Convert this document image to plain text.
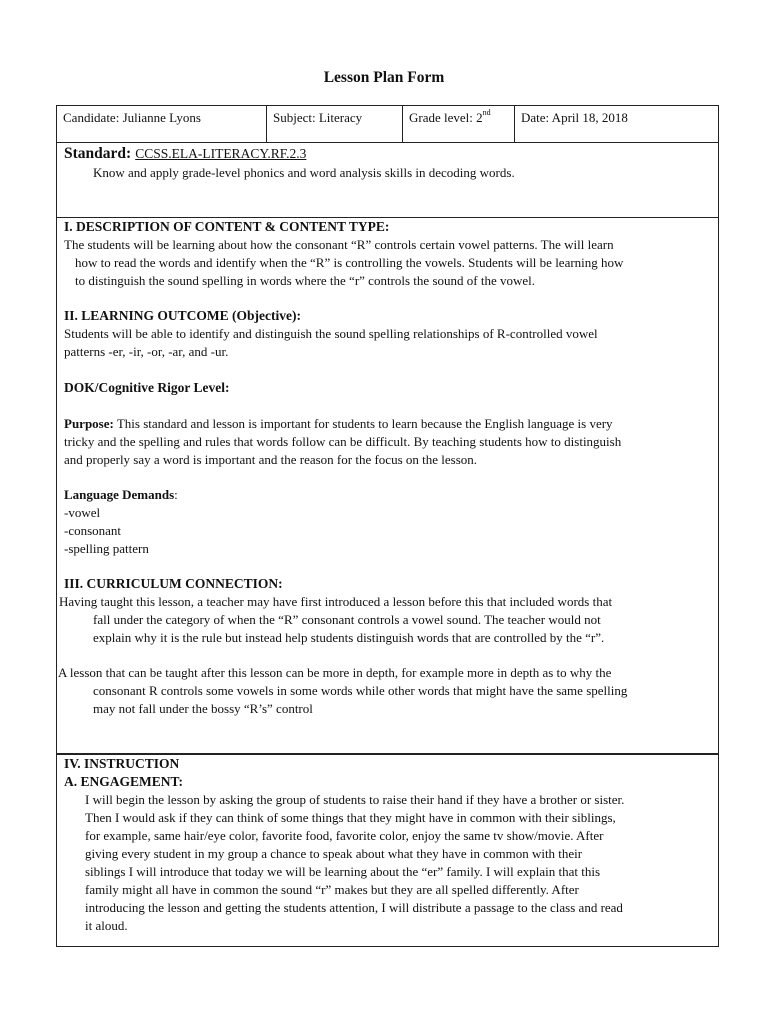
Lesson Plan Form
Candidate: Julianne Lyons	Subject: Literacy	Grade level: 2nd	Date: April 18, 2018
Standard: CCSS.ELA-LITERACY.RF.2.3
Know and apply grade-level phonics and word analysis skills in decoding words.
I. DESCRIPTION OF CONTENT & CONTENT TYPE:
The students will be learning about how the consonant “R” controls certain vowel patterns. The will learn
how to read the words and identify when the “R” is controlling the vowels. Students will be learning how
to distinguish the sound spelling in words where the “r” controls the sound of the vowel.
II. LEARNING OUTCOME (Objective):
Students will be able to identify and distinguish the sound spelling relationships of R-controlled vowel
patterns -er, -ir, -or, -ar, and -ur.
DOK/Cognitive Rigor Level:
Purpose: This standard and lesson is important for students to learn because the English language is very
tricky and the spelling and rules that words follow can be difficult. By teaching students how to distinguish
and properly say a word is important and the reason for the focus on the lesson.
Language Demands:
-vowel
-consonant
-spelling pattern
III. CURRICULUM CONNECTION:
Having taught this lesson, a teacher may have first introduced a lesson before this that included words that
fall under the category of when the “R” consonant controls a vowel sound. The teacher would not
explain why it is the rule but instead help students distinguish words that are controlled by the “r”.
A lesson that can be taught after this lesson can be more in depth, for example more in depth as to why the
consonant R controls some vowels in some words while other words that might have the same spelling
may not fall under the bossy “R’s” control
IV. INSTRUCTION
A. ENGAGEMENT:
I will begin the lesson by asking the group of students to raise their hand if they have a brother or sister.
Then I would ask if they can think of some things that they might have in common with their siblings,
for example, same hair/eye color, favorite food, favorite color, enjoy the same tv show/movie. After
giving every student in my group a chance to speak about what they have in common with their
siblings I will introduce that today we will be learning about the “er” family. I will explain that this
family might all have in common the sound “r” makes but they are all spelled differently. After
introducing the lesson and getting the students attention, I will distribute a passage to the class and read
it aloud.
